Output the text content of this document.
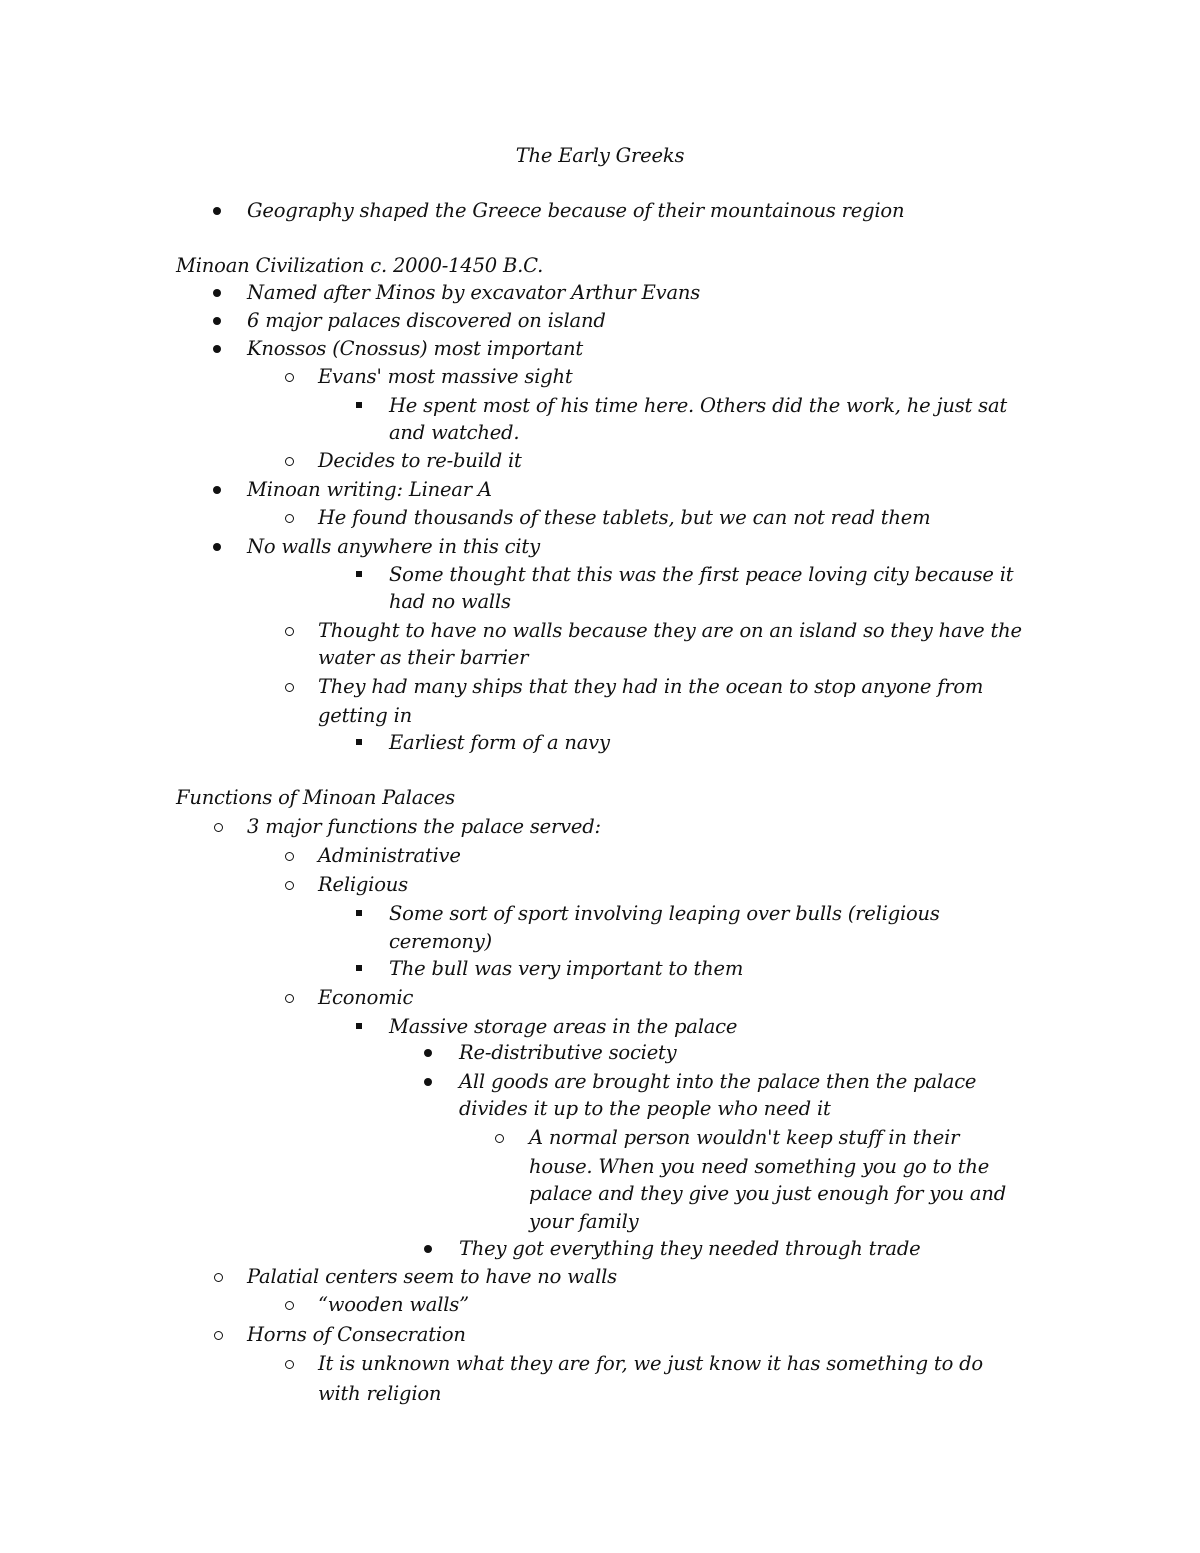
The Early Greeks
Geography shaped the Greece because of their mountainous region
Minoan Civilization c. 2000-1450 B.C.
Named after Minos by excavator Arthur Evans
6 major palaces discovered on island
Knossos (Cnossus) most important
Evans' most massive sight
He spent most of his time here. Others did the work, he just sat
and watched.
Decides to re-build it
Minoan writing: Linear A
He found thousands of these tablets, but we can not read them
No walls anywhere in this city
Some thought that this was the first peace loving city because it
had no walls
Thought to have no walls because they are on an island so they have the
water as their barrier
They had many ships that they had in the ocean to stop anyone from
getting in
Earliest form of a navy
Functions of Minoan Palaces
3 major functions the palace served:
Administrative
Religious
Some sort of sport involving leaping over bulls (religious
ceremony)
The bull was very important to them
Economic
Massive storage areas in the palace
Re-distributive society
All goods are brought into the palace then the palace
divides it up to the people who need it
A normal person wouldn't keep stuff in their
house. When you need something you go to the
palace and they give you just enough for you and
your family
They got everything they needed through trade
Palatial centers seem to have no walls
“wooden walls”
Horns of Consecration
It is unknown what they are for, we just know it has something to do
with religion
